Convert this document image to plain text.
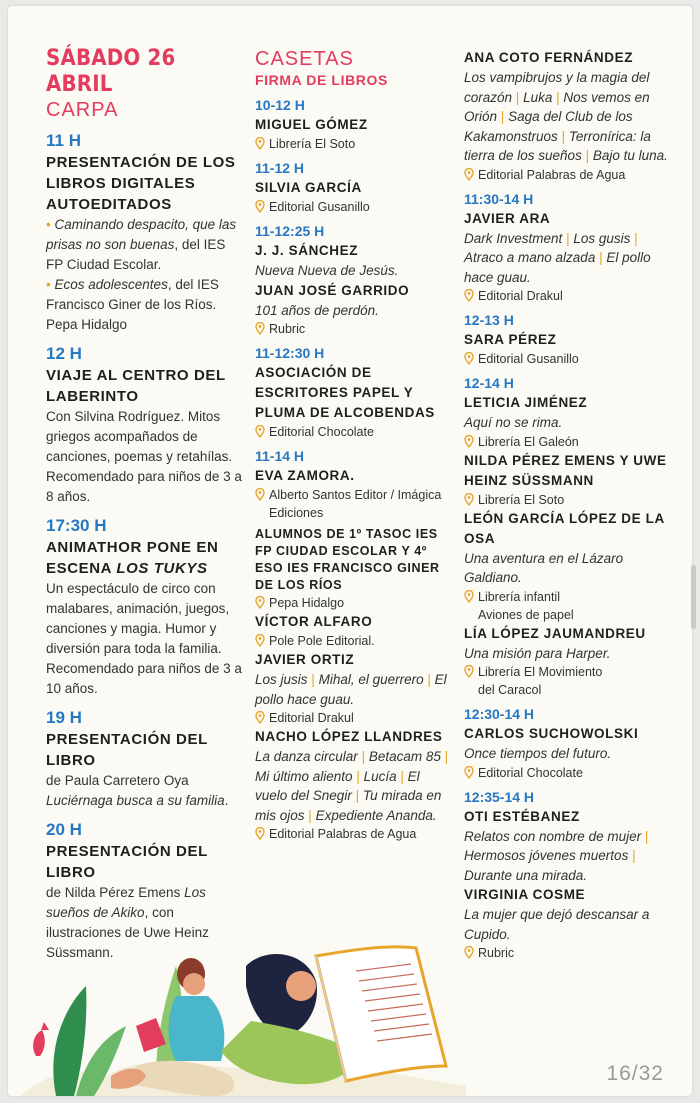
SÁBADO 26 ABRIL
CARPA
11 H
PRESENTACIÓN DE LOS LIBROS DIGITALES AUTOEDITADOS
• Caminando despacito, que las prisas no son buenas, del IES FP Ciudad Escolar.
• Ecos adolescentes, del IES Francisco Giner de los Ríos. Pepa Hidalgo
12 H
VIAJE AL CENTRO DEL LABERINTO
Con Silvina Rodríguez. Mitos griegos acompañados de canciones, poemas y retahílas. Recomendado para niños de 3 a 8 años.
17:30 H
ANIMATHOR PONE EN ESCENA LOS TUKYS
Un espectáculo de circo con malabares, animación, juegos, canciones y magia. Humor y diversión para toda la familia. Recomendado para niños de 3 a 10 años.
19 H
PRESENTACIÓN DEL LIBRO
de Paula Carretero Oya Luciérnaga busca a su familia.
20 H
PRESENTACIÓN DEL LIBRO
de Nilda Pérez Emens Los sueños de Akiko, con ilustraciones de Uwe Heinz Süssmann.
CASETAS
FIRMA DE LIBROS
10-12 H
MIGUEL GÓMEZ
Librería El Soto
11-12 H
SILVIA GARCÍA
Editorial Gusanillo
11-12:25 H
J. J. SÁNCHEZ
Nueva Nueva de Jesús.
JUAN JOSÉ GARRIDO
101 años de perdón.
Rubric
11-12:30 H
ASOCIACIÓN DE ESCRITORES PAPEL Y PLUMA DE ALCOBENDAS
Editorial Chocolate
11-14 H
EVA ZAMORA.
Alberto Santos Editor / Imágica Ediciones
ALUMNOS DE 1º TASOC IES FP CIUDAD ESCOLAR Y 4º ESO IES FRANCISCO GINER DE LOS RÍOS
Pepa Hidalgo
VÍCTOR ALFARO
Pole Pole Editorial.
JAVIER ORTIZ
Los jusis | Mihal, el guerrero | El pollo hace guau.
Editorial Drakul
NACHO LÓPEZ LLANDRES
La danza circular | Betacam 85 | Mi último aliento | Lucía | El vuelo del Snegir | Tu mirada en mis ojos | Expediente Ananda.
Editorial Palabras de Agua
ANA COTO FERNÁNDEZ
Los vampibrujos y la magia del corazón | Luka | Nos vemos en Orión | Saga del Club de los Kakamonstruos | Terronírica: la tierra de los sueños | Bajo tu luna.
Editorial Palabras de Agua
11:30-14 H
JAVIER ARA
Dark Investment | Los gusis | Atraco a mano alzada | El pollo hace guau.
Editorial Drakul
12-13 H
SARA PÉREZ
Editorial Gusanillo
12-14 H
LETICIA JIMÉNEZ
Aquí no se rima.
Librería El Galeón
NILDA PÉREZ EMENS Y UWE HEINZ SÜSSMANN
Librería El Soto
LEÓN GARCÍA LÓPEZ DE LA OSA
Una aventura en el Lázaro Galdiano.
Librería infantil
Aviones de papel
LÍA LÓPEZ JAUMANDREU
Una misión para Harper.
Librería El Movimiento
del Caracol
12:30-14 H
CARLOS SUCHOWOLSKI
Once tiempos del futuro.
Editorial Chocolate
12:35-14 H
OTI ESTÉBANEZ
Relatos con nombre de mujer | Hermosos jóvenes muertos | Durante una mirada.
VIRGINIA COSME
La mujer que dejó descansar a Cupido.
Rubric
16/32
